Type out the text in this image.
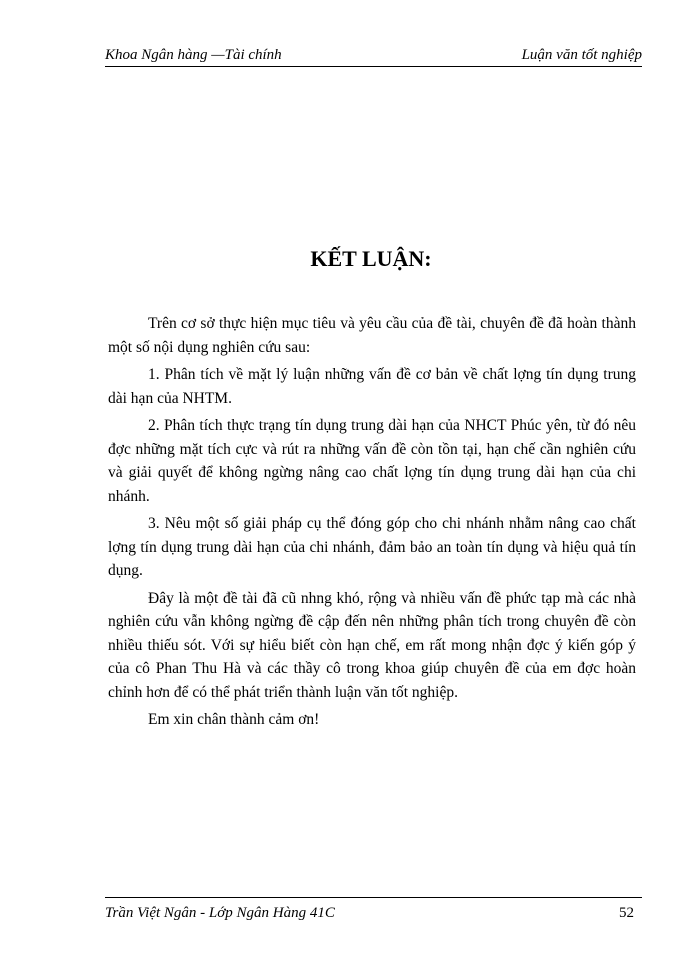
Khoa Ngân hàng —Tài chính	Luận văn tốt nghiệp
KẾT LUẬN:

Trên cơ sở thực hiện mục tiêu và yêu cầu của đề tài, chuyên đề đã hoàn thành một số nội dụng nghiên cứu sau:

1. Phân tích về mặt lý luận những vấn đề cơ bản về chất lợng tín dụng trung dài hạn của NHTM.

2. Phân tích thực trạng tín dụng trung dài hạn của NHCT Phúc yên, từ đó nêu đợc những mặt tích cực và rút ra những vấn đề còn tồn tại, hạn chế cần nghiên cứu và giải quyết để không ngừng nâng cao chất lợng tín dụng trung dài hạn của chi nhánh.

3. Nêu một số giải pháp cụ thể đóng góp cho chi nhánh nhằm nâng cao chất lợng tín dụng trung dài hạn của chi nhánh, đảm bảo an toàn tín dụng và hiệu quả tín dụng.

Đây là một đề tài đã cũ nhng khó, rộng và nhiều vấn đề phức tạp mà các nhà nghiên cứu vẫn không ngừng đề cập đến nên những phân tích trong chuyên đề còn nhiều thiếu sót. Với sự hiểu biết còn hạn chế, em rất mong nhận đợc ý kiến góp ý của cô Phan Thu Hà và các thầy cô trong khoa giúp chuyên đề của em đợc hoàn chỉnh hơn để có thể phát triển thành luận văn tốt nghiệp.

Em xin chân thành cảm ơn!

Trần Việt Ngân - Lớp Ngân Hàng 41C	52
